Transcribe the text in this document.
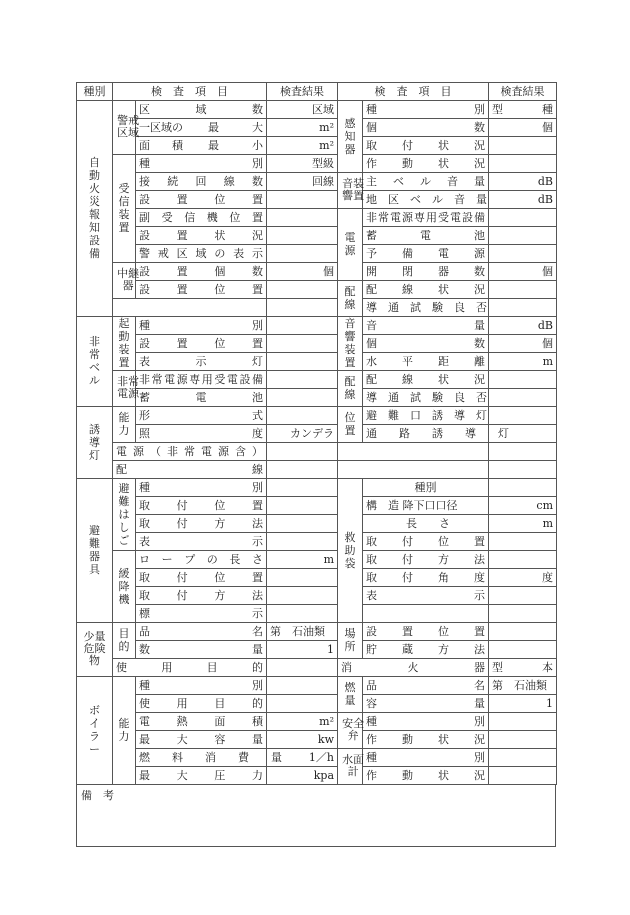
種別	検　査　項　目		検査結果	検　査　項　目		検査結果
自動火災報知設備	警戒区域	区　　　域　　　数	区域	感知器	種　　　　　　　別	型　種
		一区域の 最　　　大	m²		個　　　　　　　数	個
		面　　積 最　　　小	m²		取　　付　　状　　況	
	受信装置	種　　　　　　　別	型級		作　　動　　状　　況	
		接　続　回　線　数	回線	音装響置	主　ベ　ル　音　量	dB
		設　　置　　位　　置			地　区　ベ　ル　音　量	dB
		副　受　信　機　位　置		電源	非常電源専用受電設備	
		設　　置　　状　　況			蓄　　　電　　　池	
		警戒区域の表示			予　　備　　電　　源	
	中継器	設　置　個　数	個		開　　閉　　器　　数	個
		設　置　位　置		配線	配　　線　　状　　況	
					導　通　試　験　良　否	
非常ベル	起動装置	種　　　　　　　別		音響装置	音　　　　　　　量	dB
		設　　置　　位　　置			個　　　　　　　数	個
		表　　　示　　　灯			水　　平　　距　　離	m
	非常電源	非常電源専用受電設備		配線	配　　線　　状　　況	
		蓄　　　電　　　池			導　通　試　験　良　否	
誘導灯	能力	形　　　　　　　式		位置	避　難　口　誘　導　灯	
		照　　　　　　　度	カンデラ		通　　路　　誘　　導　　灯	
	電源（非常電源含）					
	配　　　　　　　線					
避難器具	避難はしご	種　　　　　　　別		救助袋	種別	
		取　　付　　位　　置			構　造 降下口口径	cm
		取　　付　　方　　法			長　　さ	m
		表　　　　　　　示			取　　付　　位　　置	
	緩降機	ロ　ー　プ　の　長　さ	m		取　　付　　方　　法	
		取　　付　　位　　置			取　　付　　角　　度	度
		取　　付　　方　　法			表　　　　　　　示	
		標　　　　　　　示				
少量危険物	目的	品　　　　　　　名	第　石油類	場所	設　　置　　位　　置	
		数　　　　　　　量	1		貯　　蔵　　方　　法	
	使　　用　　目　　的			消　　　　火　　　　器		型　本
ボイラー	能力	種　　　　　　　別		燃量	品　　　　　　　名	第　石油類
		使　　用　　目　　的			容　　　　　　　量	1
		電　　熱　　面　　積	m²	安全弁	種　　　　　　　別	
		最　　大　　容　　量	kw		作　　動　　状　　況	
		燃　　料　　消　　費　　量	1／h	水面計	種　　　　　　　別	
		最　　大　　圧　　力	kpa		作　　動　　状　　況	
備　考
